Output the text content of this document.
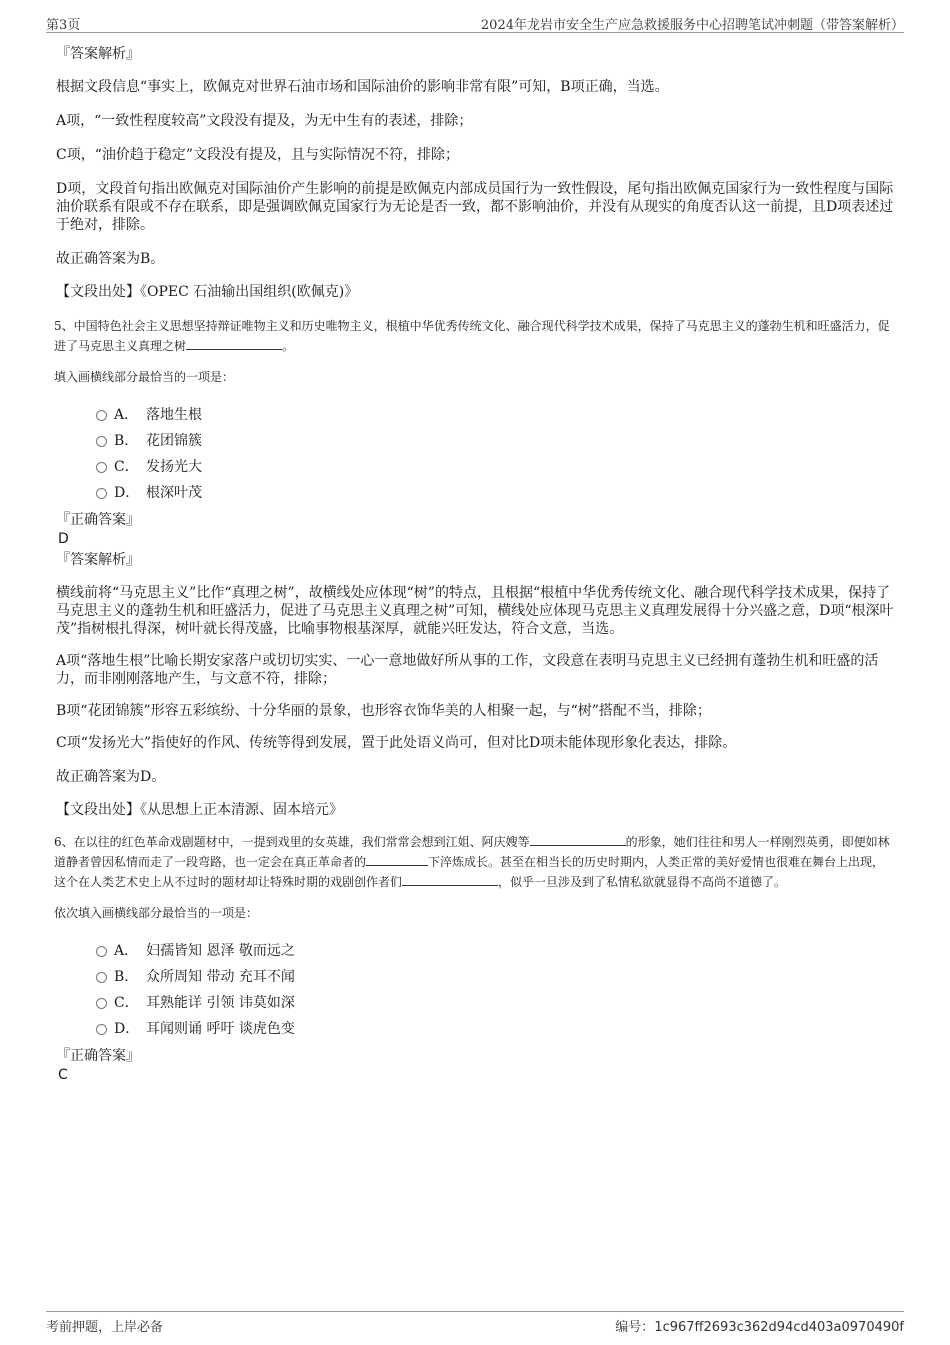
第3页	2024年龙岩市安全生产应急救援服务中心招聘笔试冲刺题（带答案解析）
『答案解析』

根据文段信息“事实上，欧佩克对世界石油市场和国际油价的影响非常有限”可知，B项正确，当选。

A项，“一致性程度较高”文段没有提及，为无中生有的表述，排除；

C项，“油价趋于稳定”文段没有提及，且与实际情况不符，排除；

D项，文段首句指出欧佩克对国际油价产生影响的前提是欧佩克内部成员国行为一致性假设，尾句指出欧佩克国家行为一致性程度与国际油价联系有限或不存在联系，即是强调欧佩克国家行为无论是否一致，都不影响油价，并没有从现实的角度否认这一前提，且D项表述过于绝对，排除。

故正确答案为B。

【文段出处】《OPEC 石油输出国组织(欧佩克)》

5、中国特色社会主义思想坚持辩证唯物主义和历史唯物主义，根植中华优秀传统文化、融合现代科学技术成果，保持了马克思主义的蓬勃生机和旺盛活力，促进了马克思主义真理之树	。

填入画横线部分最恰当的一项是：
A． 落地生根
B． 花团锦簇
C． 发扬光大
D． 根深叶茂
『正确答案』
D
『答案解析』

横线前将“马克思主义”比作“真理之树”，故横线处应体现“树”的特点，且根据“根植中华优秀传统文化、融合现代科学技术成果，保持了马克思主义的蓬勃生机和旺盛活力，促进了马克思主义真理之树”可知，横线处应体现马克思主义真理发展得十分兴盛之意，D项“根深叶茂”指树根扎得深，树叶就长得茂盛，比喻事物根基深厚，就能兴旺发达，符合文意，当选。

A项“落地生根”比喻长期安家落户或切切实实、一心一意地做好所从事的工作，文段意在表明马克思主义已经拥有蓬勃生机和旺盛的活力，而非刚刚落地产生，与文意不符，排除；

B项“花团锦簇”形容五彩缤纷、十分华丽的景象，也形容衣饰华美的人相聚一起，与“树”搭配不当，排除；

C项“发扬光大”指使好的作风、传统等得到发展，置于此处语义尚可，但对比D项未能体现形象化表达，排除。

故正确答案为D。

【文段出处】《从思想上正本清源、固本培元》

6、在以往的红色革命戏剧题材中，一提到戏里的女英雄，我们常常会想到江姐、阿庆嫂等	的形象，她们往往和男人一样刚烈英勇，即便如林道静者曾因私情而走了一段弯路，也一定会在真正革命者的	下淬炼成长。甚至在相当长的历史时期内，人类正常的美好爱情也很难在舞台上出现，这个在人类艺术史上从不过时的题材却让特殊时期的戏剧创作者们	，似乎一旦涉及到了私情私欲就显得不高尚不道德了。

依次填入画横线部分最恰当的一项是：
A． 妇孺皆知 恩泽 敬而远之
B． 众所周知 带动 充耳不闻
C． 耳熟能详 引领 讳莫如深
D． 耳闻则诵 呼吁 谈虎色变
『正确答案』
C
考前押题，上岸必备	编号：1c967ff2693c362d94cd403a0970490f
